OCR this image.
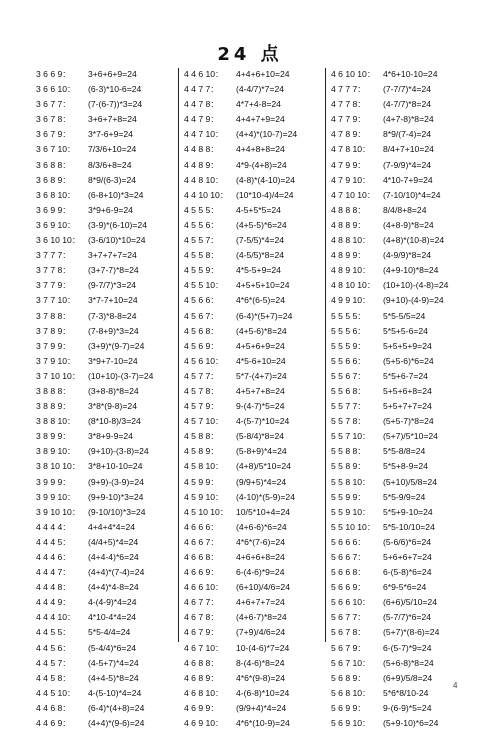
24 点
3 6 6 9： 3+6+6+9=24
3 6 6 10： (6-3)*10-6=24
3 6 7 7： (7-(6-7))*3=24
3 6 7 8： 3+6+7+8=24
3 6 7 9： 3*7-6+9=24
3 6 7 10： 7/3/6+10=24
3 6 8 8： 8/3/6+8=24
3 6 8 9： 8*9/(6-3)=24
3 6 8 10： (6-8+10)*3=24
3 6 9 9： 3*9+6-9=24
3 6 9 10： (3-9)*(6-10)=24
3 6 10 10： (3-6/10)*10=24
3 7 7 7： 3+7+7+7=24
3 7 7 8： (3+7-7)*8=24
3 7 7 9： (9-7/7)*3=24
3 7 7 10： 3*7-7+10=24
3 7 8 8： (7-3)*8-8=24
3 7 8 9： (7-8+9)*3=24
3 7 9 9： (3+9)*(9-7)=24
3 7 9 10： 3*9+7-10=24
3 7 10 10： (10+10)-(3-7)=24
3 8 8 8： (3+8-8)*8=24
3 8 8 9： 3*8*(9-8)=24
3 8 8 10： (8*10-8)/3=24
3 8 9 9： 3*8+9-9=24
3 8 9 10： (9+10)-(3-8)=24
3 8 10 10： 3*8+10-10=24
3 9 9 9： (9+9)-(3-9)=24
3 9 9 10： (9+9-10)*3=24
3 9 10 10： (9-10/10)*3=24
4 4 4 4： 4+4+4*4=24
4 4 4 5： (4/4+5)*4=24
4 4 4 6： (4+4-4)*6=24
4 4 4 7： (4+4)*(7-4)=24
4 4 4 8： (4+4)*4-8=24
4 4 4 9： 4-(4-9)*4=24
4 4 4 10： 4*10-4*4=24
4 4 5 5： 5*5-4/4=24
4 4 5 6： (5-4/4)*6=24
4 4 5 7： (4-5+7)*4=24
4 4 5 8： (4+4-5)*8=24
4 4 5 10： 4-(5-10)*4=24
4 4 6 8： (6-4)*(4+8)=24
4 4 6 9： (4+4)*(9-6)=24
4 4 6 10： 4+4+6+10=24
4 4 7 7： (4-4/7)*7=24
4 4 7 8： 4*7+4-8=24
4 4 7 9： 4+4+7+9=24
4 4 7 10： (4+4)*(10-7)=24
4 4 8 8： 4+4+8+8=24
4 4 8 9： 4*9-(4+8)=24
4 4 8 10： (4-8)*(4-10)=24
4 4 10 10： (10*10-4)/4=24
4 5 5 5： 4-5+5*5=24
4 5 5 6： (4+5-5)*6=24
4 5 5 7： (7-5/5)*4=24
4 5 5 8： (4-5/5)*8=24
4 5 5 9： 4*5-5+9=24
4 5 5 10： 4+5+5+10=24
4 5 6 6： 4*6*(6-5)=24
4 5 6 7： (6-4)*(5+7)=24
4 5 6 8： (4+5-6)*8=24
4 5 6 9： 4+5+6+9=24
4 5 6 10： 4*5-6+10=24
4 5 7 7： 5*7-(4+7)=24
4 5 7 8： 4+5+7+8=24
4 5 7 9： 9-(4-7)*5=24
4 5 7 10： 4-(5-7)*10=24
4 5 8 8： (5-8/4)*8=24
4 5 8 9： (5-8+9)*4=24
4 5 8 10： (4+8)/5*10=24
4 5 9 9： (9/9+5)*4=24
4 5 9 10： (4-10)*(5-9)=24
4 5 10 10： 10/5*10+4=24
4 6 6 6： (4+6-6)*6=24
4 6 6 7： 4*6*(7-6)=24
4 6 6 8： 4+6+6+8=24
4 6 6 9： 6-(4-6)*9=24
4 6 6 10： (6+10)/4/6=24
4 6 7 7： 4+6+7+7=24
4 6 7 8： (4+6-7)*8=24
4 6 7 9： (7+9)/4/6=24
4 6 7 10： 10-(4-6)*7=24
4 6 8 8： 8-(4-6)*8=24
4 6 8 9： 4*6*(9-8)=24
4 6 8 10： 4-(6-8)*10=24
4 6 9 9： (9/9+4)*4=24
4 6 9 10： 4*6*(10-9)=24
4 6 10 10： 4*6+10-10=24
4 7 7 7： (7-7/7)*4=24
4 7 7 8： (4-7/7)*8=24
4 7 7 9： (4+7-8)*8=24
4 7 8 9： 8*9/(7-4)=24
4 7 8 10： 8/4+7+10=24
4 7 9 9： (7-9/9)*4=24
4 7 9 10： 4*10-7+9=24
4 7 10 10： (7-10/10)*4=24
4 8 8 8： 8/4/8+8=24
4 8 8 9： (4+8-9)*8=24
4 8 8 10： (4+8)*(10-8)=24
4 8 9 9： (4-9/9)*8=24
4 8 9 10： (4+9-10)*8=24
4 8 10 10： (10+10)-(4-8)=24
4 9 9 10： (9+10)-(4-9)=24
5 5 5 5： 5*5-5/5=24
5 5 5 6： 5*5+5-6=24
5 5 5 9： 5+5+5+9=24
5 5 6 6： (5+5-6)*6=24
5 5 6 7： 5*5+6-7=24
5 5 6 8： 5+5+6+8=24
5 5 7 7： 5+5+7+7=24
5 5 7 8： (5+5-7)*8=24
5 5 7 10： (5+7)/5*10=24
5 5 8 8： 5*5-8/8=24
5 5 8 9： 5*5+8-9=24
5 5 8 10： (5+10)/5/8=24
5 5 9 9： 5*5-9/9=24
5 5 9 10： 5*5+9-10=24
5 5 10 10： 5*5-10/10=24
5 6 6 6： (5-6/6)*6=24
5 6 6 7： 5+6+6+7=24
5 6 6 8： 6-(5-8)*6=24
5 6 6 9： 6*9-5*6=24
5 6 6 10： (6+6)/5/10=24
5 6 7 7： (5-7/7)*6=24
5 6 7 8： (5+7)*(8-6)=24
5 6 7 9： 6-(5-7)*9=24
5 6 7 10： (5+6-8)*8=24
5 6 8 9： (6+9)/5/8=24
5 6 8 10： 5*6*8/10-24
5 6 9 9： 9-(6-9)*5=24
5 6 9 10： (5+9-10)*6=24
4
